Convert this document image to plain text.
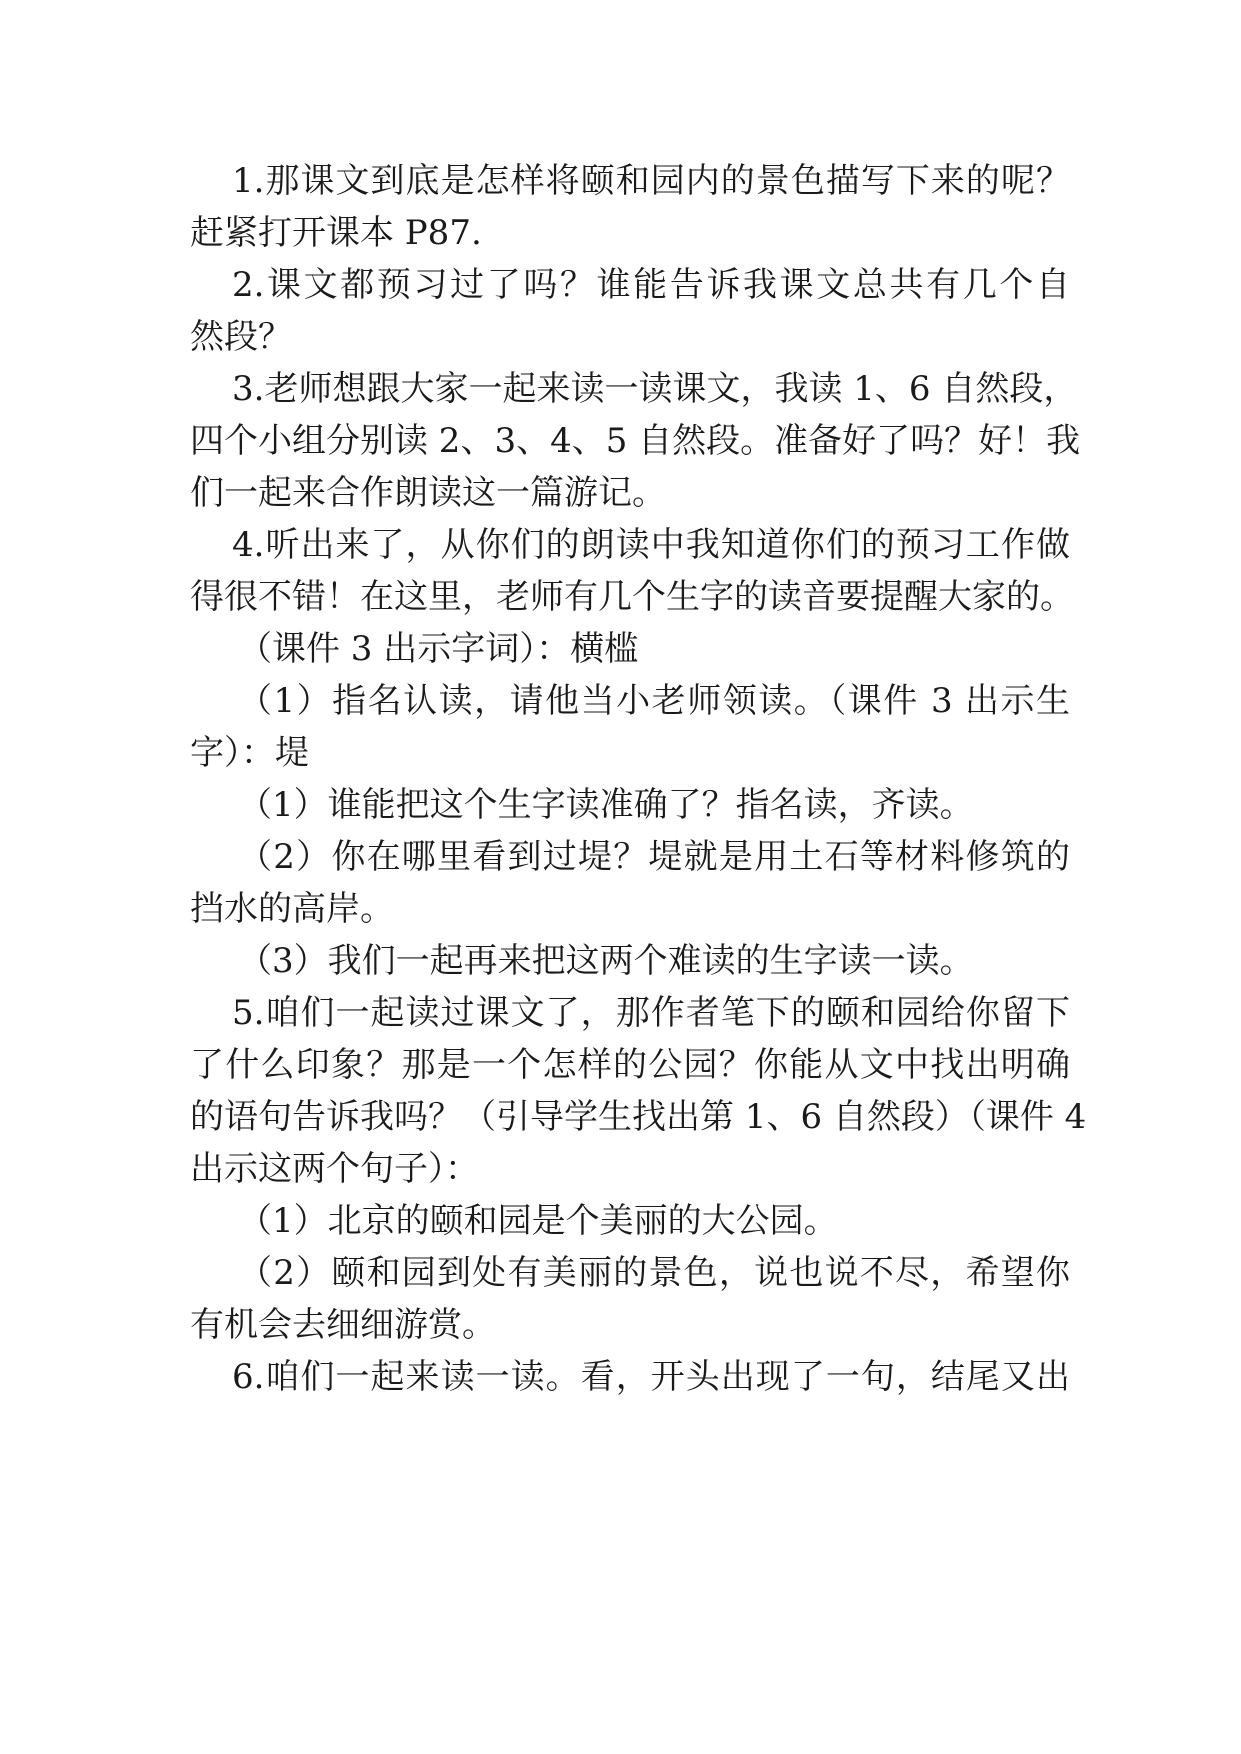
1.那课文到底是怎样将颐和园内的景色描写下来的呢？
赶紧打开课本 P87.
2.课文都预习过了吗？谁能告诉我课文总共有几个自
然段？
3.老师想跟大家一起来读一读课文，我读 1、6 自然段，
四个小组分别读 2、3、4、5 自然段。准备好了吗？好！我
们一起来合作朗读这一篇游记。
4.听出来了，从你们的朗读中我知道你们的预习工作做
得很不错！在这里，老师有几个生字的读音要提醒大家的。
（课件 3 出示字词）：横槛
（1）指名认读，请他当小老师领读。（课件 3 出示生
字）：堤
（1）谁能把这个生字读准确了？指名读，齐读。
（2）你在哪里看到过堤？堤就是用土石等材料修筑的
挡水的高岸。
（3）我们一起再来把这两个难读的生字读一读。
5.咱们一起读过课文了，那作者笔下的颐和园给你留下
了什么印象？那是一个怎样的公园？你能从文中找出明确
的语句告诉我吗？（引导学生找出第 1、6 自然段）（课件 4
出示这两个句子）：
（1）北京的颐和园是个美丽的大公园。
（2）颐和园到处有美丽的景色，说也说不尽，希望你
有机会去细细游赏。
6.咱们一起来读一读。看，开头出现了一句，结尾又出
